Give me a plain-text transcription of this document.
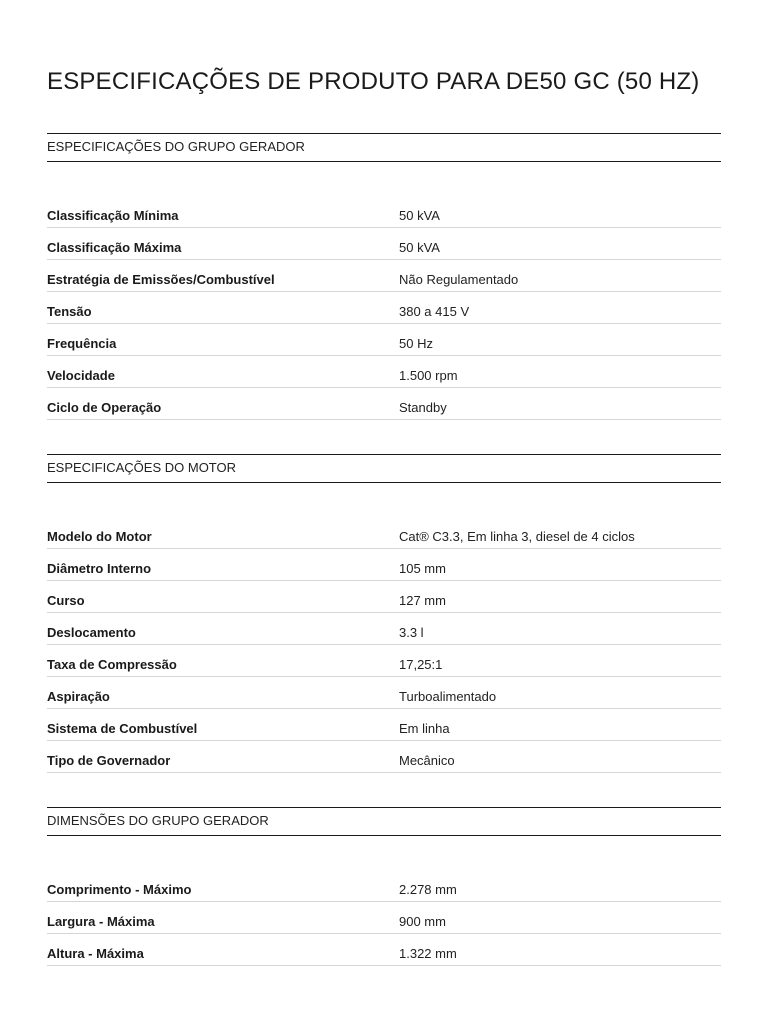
ESPECIFICAÇÕES DE PRODUTO PARA DE50 GC (50 HZ)
ESPECIFICAÇÕES DO GRUPO GERADOR
Classificação Mínima	50 kVA
Classificação Máxima	50 kVA
Estratégia de Emissões/Combustível	Não Regulamentado
Tensão	380 a 415 V
Frequência	50 Hz
Velocidade	1.500 rpm
Ciclo de Operação	Standby
ESPECIFICAÇÕES DO MOTOR
Modelo do Motor	Cat® C3.3, Em linha 3, diesel de 4 ciclos
Diâmetro Interno	105 mm
Curso	127 mm
Deslocamento	3.3 l
Taxa de Compressão	17,25:1
Aspiração	Turboalimentado
Sistema de Combustível	Em linha
Tipo de Governador	Mecânico
DIMENSÕES DO GRUPO GERADOR
Comprimento - Máximo	2.278 mm
Largura - Máxima	900 mm
Altura - Máxima	1.322 mm
